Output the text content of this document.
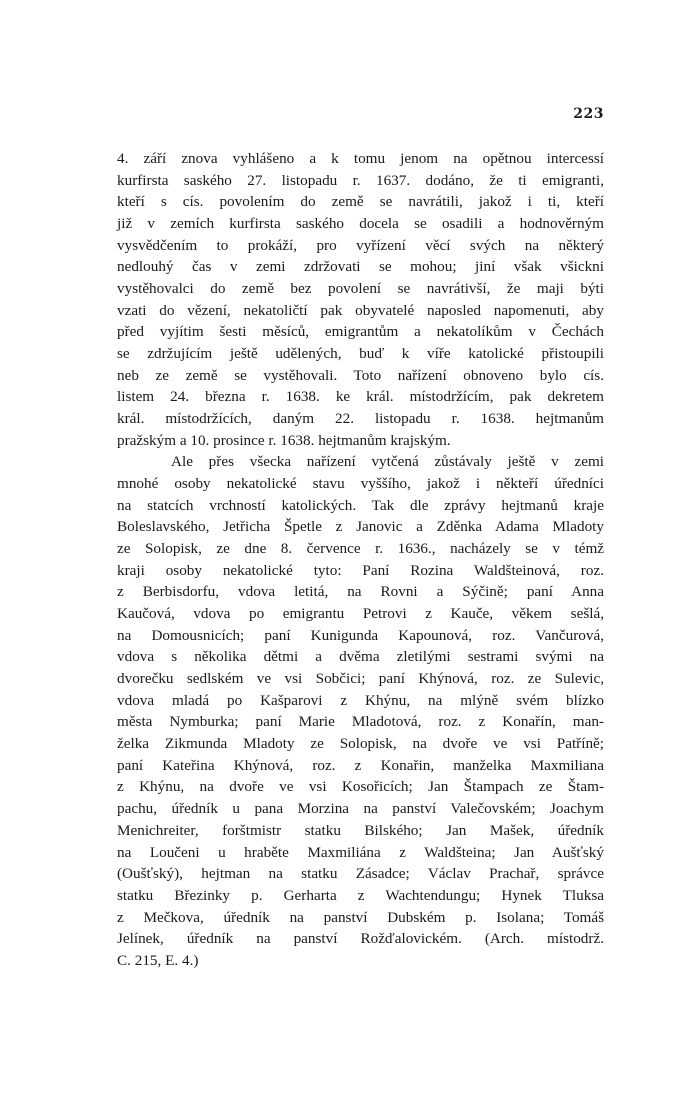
223
4. září znova vyhlášeno a k tomu jenom na opětnou intercessí
kurfirsta saského 27. listopadu r. 1637. dodáno, že ti emigranti,
kteří s cís. povolením do země se navrátili, jakož i ti, kteří
již v zemích kurfirsta saského docela se osadili a hodnověrným
vysvědčením to prokáží, pro vyřízení věcí svých na některý
nedlouhý čas v zemi zdržovati se mohou; jiní však všickni
vystěhovalci do země bez povolení se navrátivší, že maji býti
vzati do vězení, nekatoličtí pak obyvatelé naposled napomenuti, aby
před vyjítim šesti měsíců, emigrantům a nekatolíkům v Čechách
se zdržujícím ještě udělených, buď k víře katolické přistoupili
neb ze země se vystěhovali. Toto nařízení obnoveno bylo cís.
listem 24. března r. 1638. ke král. místodržícím, pak dekretem
král. místodržících, daným 22. listopadu r. 1638. hejtmanům
pražským a 10. prosince r. 1638. hejtmanům krajským.
Ale přes všecka nařízení vytčená zůstávaly ještě v zemi
mnohé osoby nekatolické stavu vyššího, jakož i někteří úředníci
na statcích vrchností katolických. Tak dle zprávy hejtmanů kraje
Boleslavského, Jetřicha Špetle z Janovic a Zděnka Adama Mladoty
ze Solopisk, ze dne 8. července r. 1636., nacházely se v témž
kraji osoby nekatolické tyto: Paní Rozina Waldšteinová, roz.
z Berbisdorfu, vdova letitá, na Rovni a Sýčině; paní Anna
Kaučová, vdova po emigrantu Petrovi z Kauče, věkem sešlá,
na Domousnicích; paní Kunigunda Kapounová, roz. Vančurová,
vdova s několika dětmi a dvěma zletilými sestrami svými na
dvorečku sedlském ve vsi Sobčici; paní Khýnová, roz. ze Sulevic,
vdova mladá po Kašparovi z Khýnu, na mlýně svém blízko
města Nymburka; paní Marie Mladotová, roz. z Konařín, man-
želka Zikmunda Mladoty ze Solopisk, na dvoře ve vsi Patříně;
paní Kateřina Khýnová, roz. z Konařin, manželka Maxmiliana
z Khýnu, na dvoře ve vsi Kosořicích; Jan Štampach ze Štam-
pachu, úředník u pana Morzina na panství Valečovském; Joachym
Menichreiter, forštmistr statku Bilského; Jan Mašek, úředník
na Loučeni u hraběte Maxmiliána z Waldšteina; Jan Aušťský
(Oušťský), hejtman na statku Zásadce; Václav Prachař, správce
statku Březinky p. Gerharta z Wachtendungu; Hynek Tluksa
z Mečkova, úředník na panství Dubském p. Isolana; Tomáš
Jelínek, úředník na panství Rožďalovickém. (Arch. místodrž.
C. 215, E. 4.)
